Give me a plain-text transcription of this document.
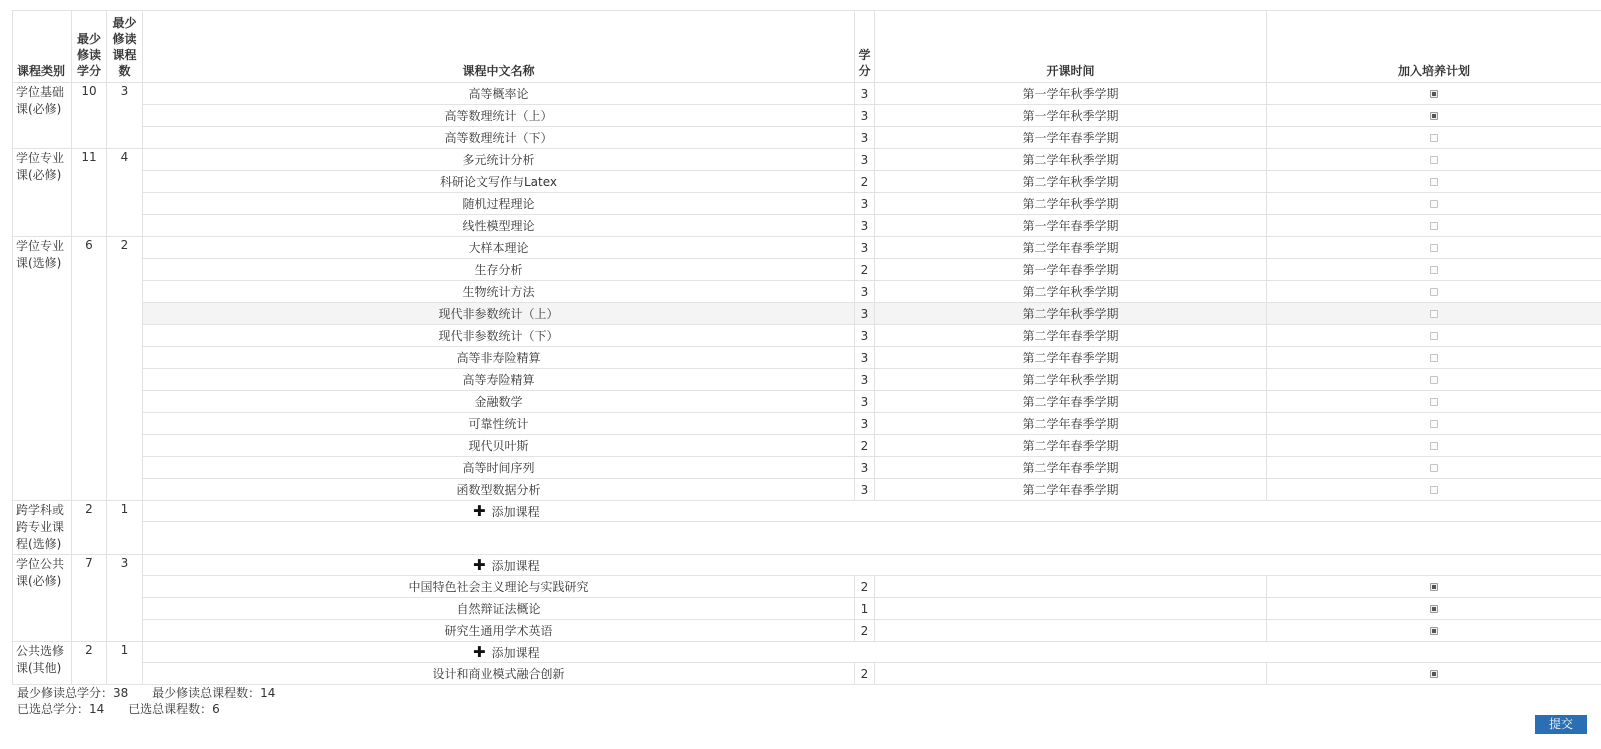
课程类别	最少修读学分	最少修读课程数	课程中文名称	学分	开课时间	加入培养计划
学位基础课(必修)	10	3	高等概率论	3	第一学年秋季学期	
			高等数理统计（上）	3	第一学年秋季学期	
			高等数理统计（下）	3	第一学年春季学期	
学位专业课(必修)	11	4	多元统计分析	3	第二学年秋季学期	
			科研论文写作与Latex	2	第二学年秋季学期	
			随机过程理论	3	第二学年秋季学期	
			线性模型理论	3	第一学年春季学期	
学位专业课(选修)	6	2	大样本理论	3	第二学年春季学期	
			生存分析	2	第一学年春季学期	
			生物统计方法	3	第二学年秋季学期	
			现代非参数统计（上）	3	第二学年秋季学期	
			现代非参数统计（下）	3	第二学年春季学期	
			高等非寿险精算	3	第二学年春季学期	
			高等寿险精算	3	第二学年秋季学期	
			金融数学	3	第二学年春季学期	
			可靠性统计	3	第二学年春季学期	
			现代贝叶斯	2	第二学年春季学期	
			高等时间序列	3	第二学年春季学期	
			函数型数据分析	3	第二学年春季学期	
跨学科或跨专业课程(选修)	2	1	✚ 添加课程			

学位公共课(必修)	7	3	✚ 添加课程			
			中国特色社会主义理论与实践研究	2		
			自然辩证法概论	1		
			研究生通用学术英语	2		
公共选修课(其他)	2	1	✚ 添加课程			
			设计和商业模式融合创新	2		
最少修读总学分：38 最少修读总课程数：14
已选总学分：14 已选总课程数：6
提交
